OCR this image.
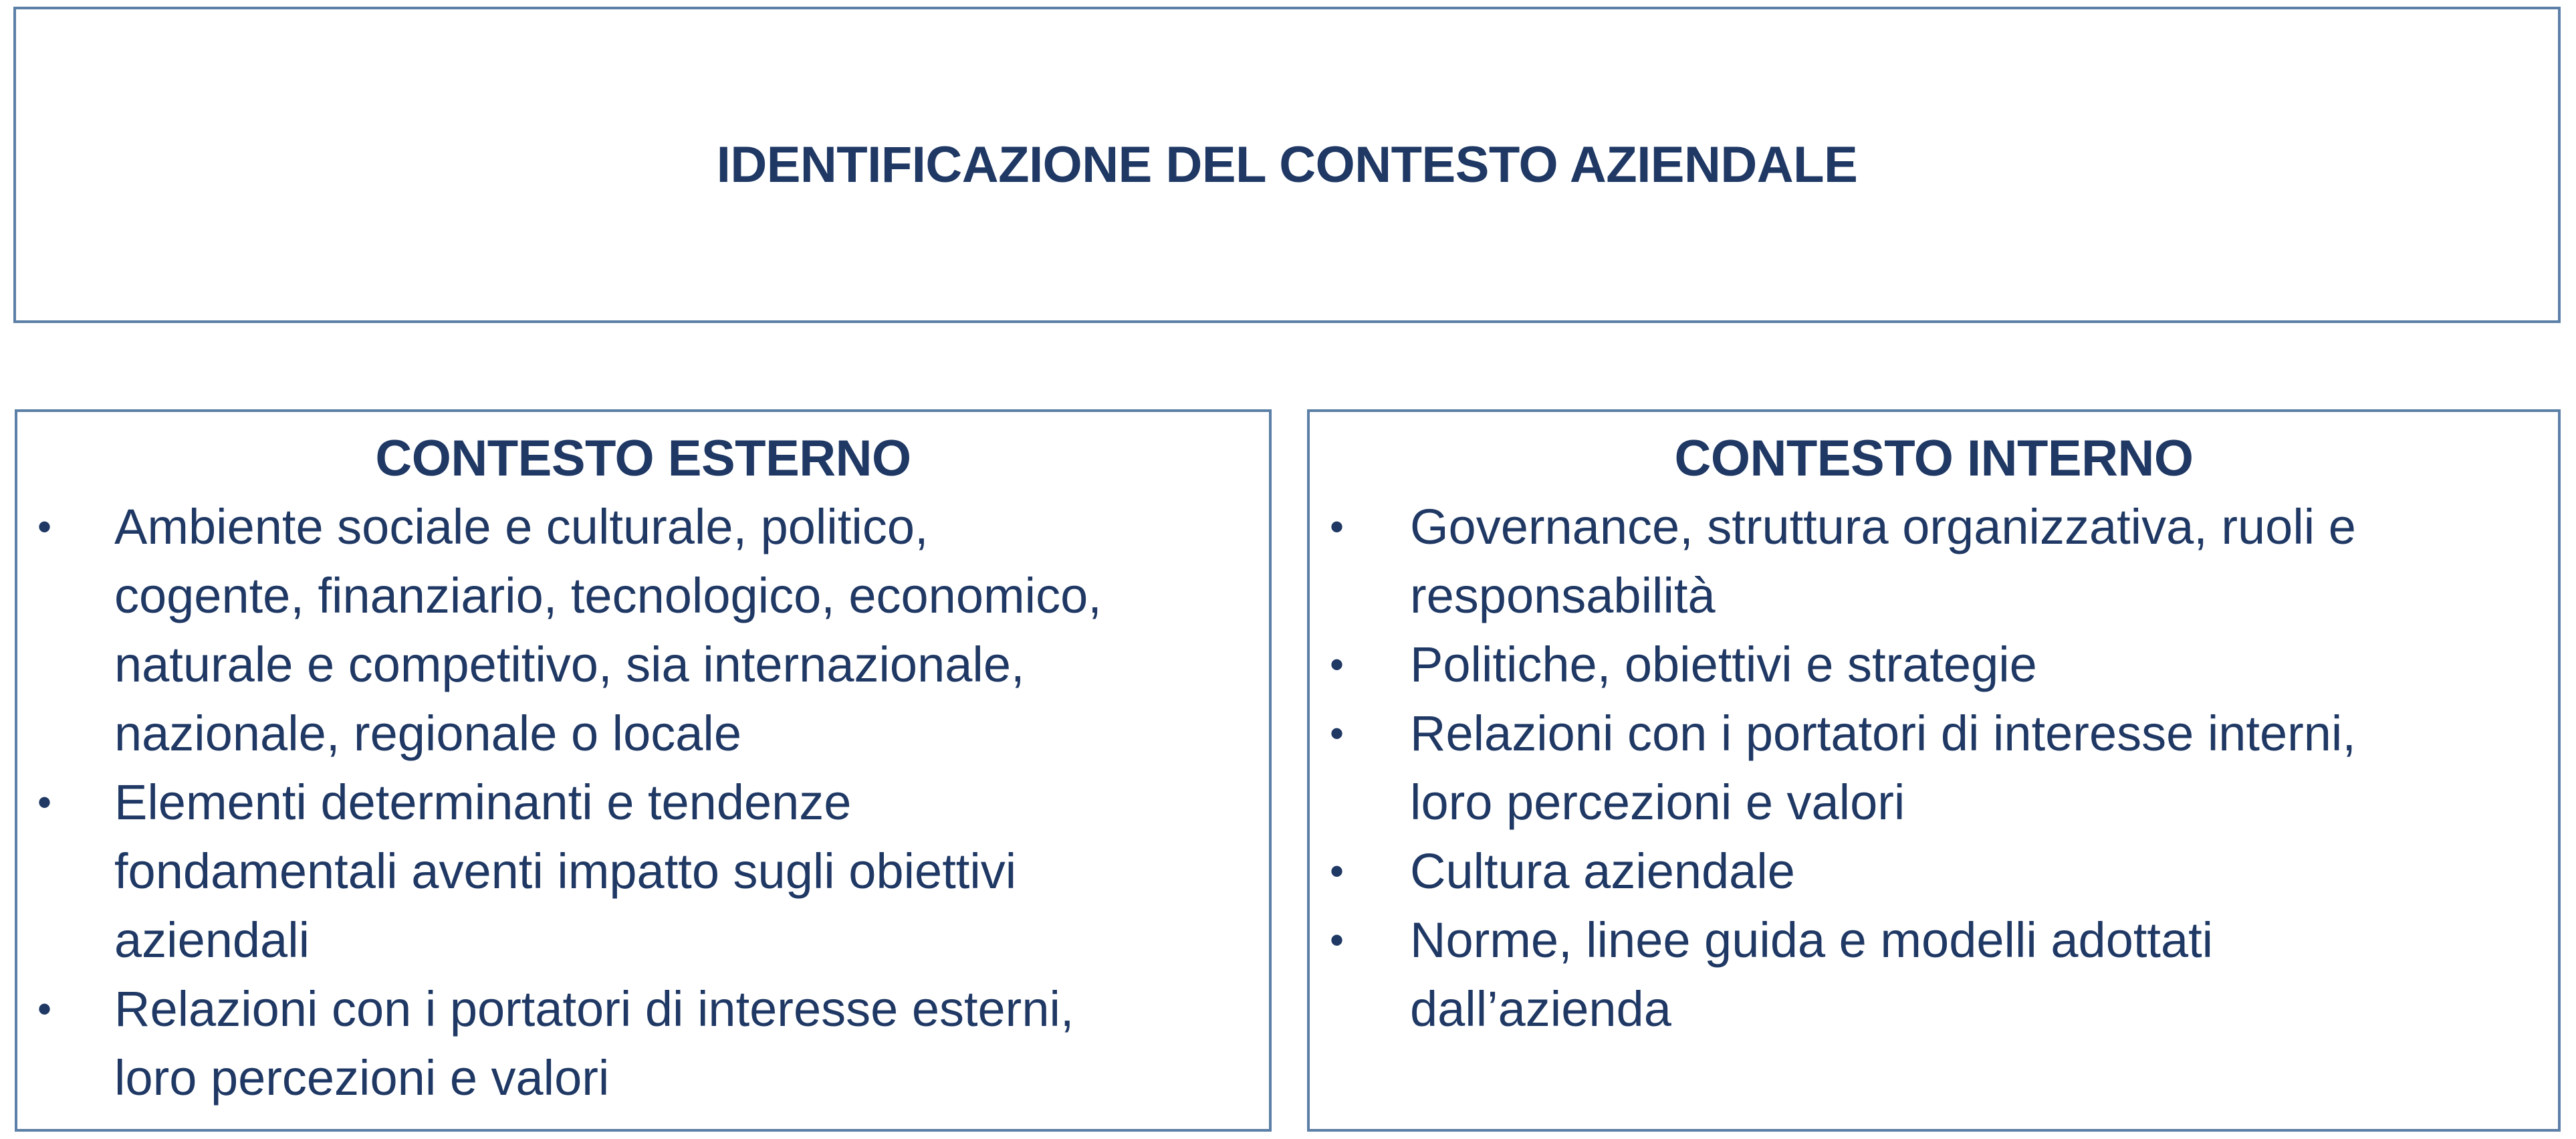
IDENTIFICAZIONE DEL CONTESTO AZIENDALE
CONTESTO ESTERNO
• Ambiente sociale e culturale, politico,
cogente, finanziario, tecnologico, economico,
naturale e competitivo, sia internazionale,
nazionale, regionale o locale
• Elementi determinanti e tendenze
fondamentali aventi impatto sugli obiettivi
aziendali
• Relazioni con i portatori di interesse esterni,
loro percezioni e valori
CONTESTO INTERNO
• Governance, struttura organizzativa, ruoli e
responsabilità
• Politiche, obiettivi e strategie
• Relazioni con i portatori di interesse interni,
loro percezioni e valori
• Cultura aziendale
• Norme, linee guida e modelli adottati
dall’azienda
